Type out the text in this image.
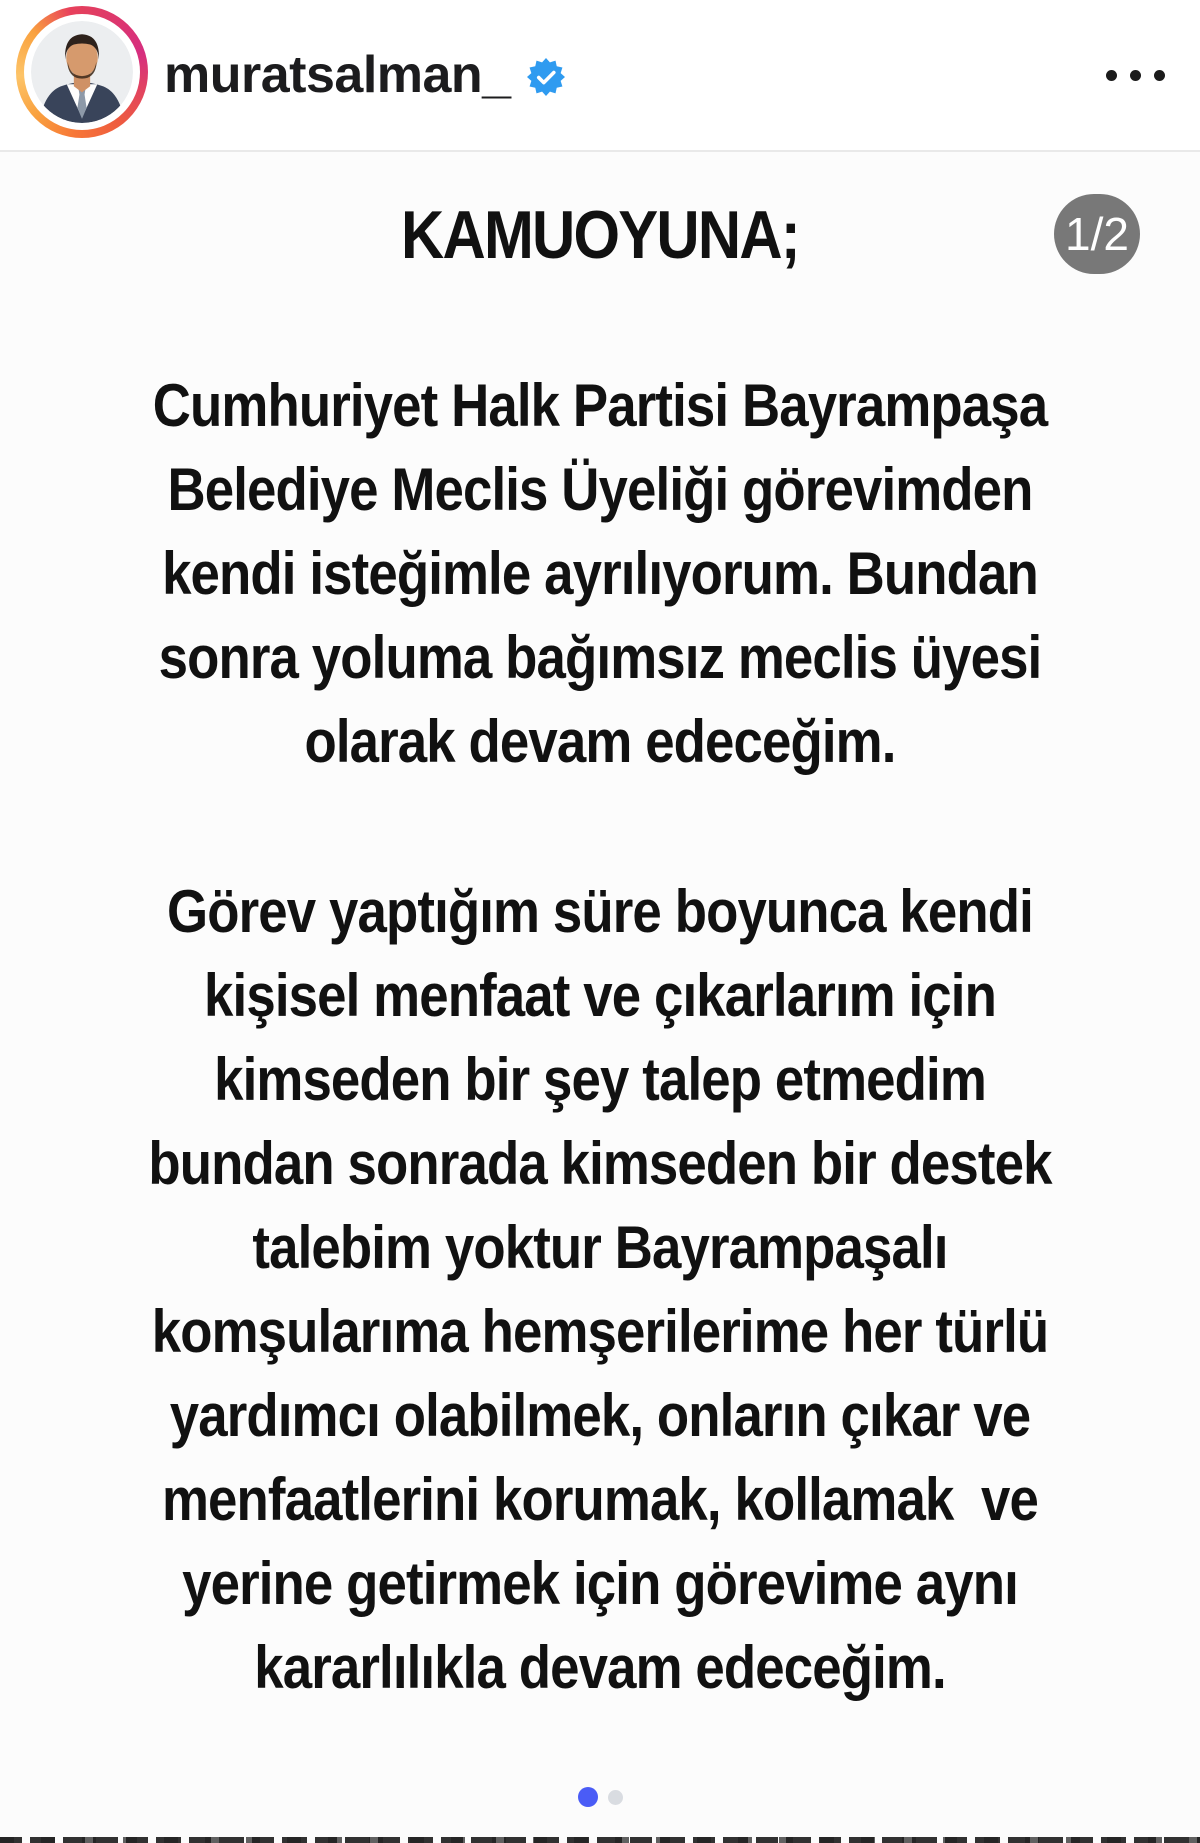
muratsalman_
1/2
KAMUOYUNA;
Cumhuriyet Halk Partisi Bayrampaşa
Belediye Meclis Üyeliği görevimden
kendi isteğimle ayrılıyorum. Bundan
sonra yoluma bağımsız meclis üyesi
olarak devam edeceğim.
Görev yaptığım süre boyunca kendi
kişisel menfaat ve çıkarlarım için
kimseden bir şey talep etmedim
bundan sonrada kimseden bir destek
talebim yoktur Bayrampaşalı
komşularıma hemşerilerime her türlü
yardımcı olabilmek, onların çıkar ve
menfaatlerini korumak, kollamak  ve
yerine getirmek için görevime aynı
kararlılıkla devam edeceğim.
